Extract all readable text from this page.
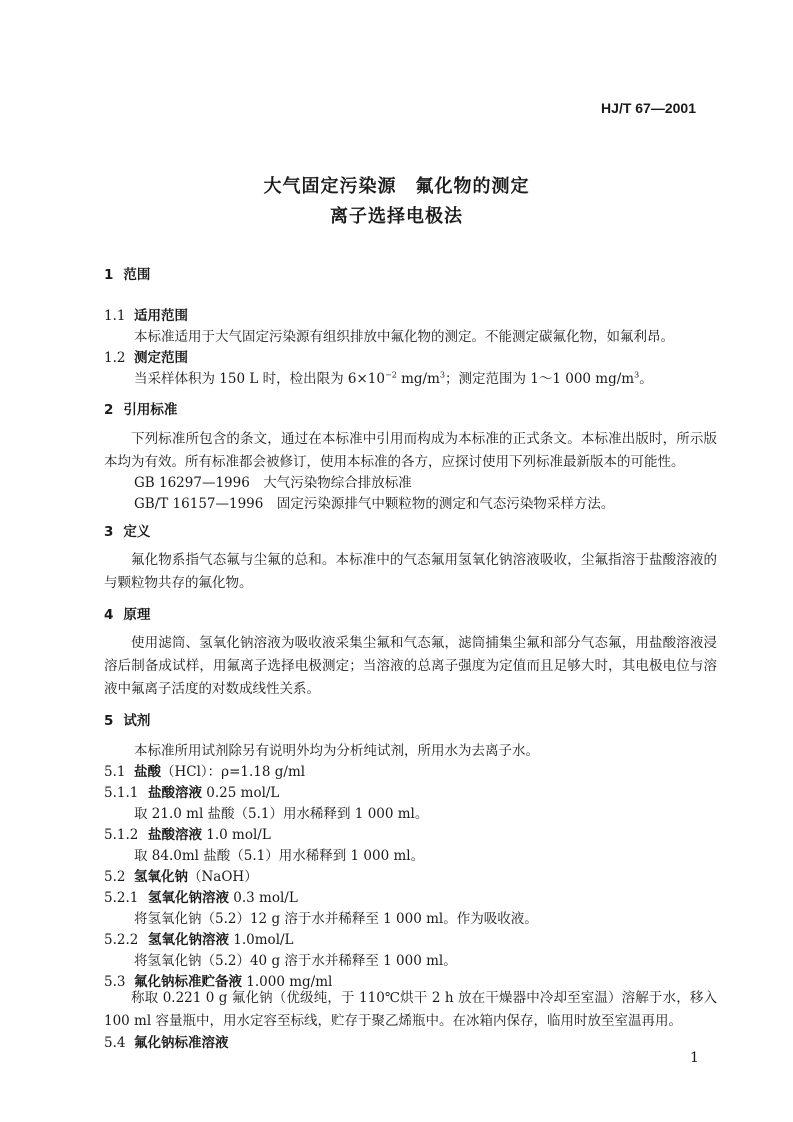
HJ/T 67—2001
大气固定污染源　氟化物的测定
离子选择电极法
1 范围
1.1 适用范围
本标准适用于大气固定污染源有组织排放中氟化物的测定。不能测定碳氟化物，如氟利昂。
1.2 测定范围
当采样体积为 150 L 时，检出限为 $6\times 10^{-2}$ $mg/m^3$；测定范围为 1～1 000 $mg/m^3$。
2 引用标准
下列标准所包含的条文，通过在本标准中引用而构成为本标准的正式条文。本标准出版时，所示版本均为有效。所有标准都会被修订，使用本标准的各方，应探讨使用下列标准最新版本的可能性。
GB 16297—1996　大气污染物综合排放标准
GB/T 16157—1996　固定污染源排气中颗粒物的测定和气态污染物采样方法。
3 定义
氟化物系指气态氟与尘氟的总和。本标准中的气态氟用氢氧化钠溶液吸收，尘氟指溶于盐酸溶液的与颗粒物共存的氟化物。
4 原理
使用滤筒、氢氧化钠溶液为吸收液采集尘氟和气态氟，滤筒捕集尘氟和部分气态氟，用盐酸溶液浸溶后制备成试样，用氟离子选择电极测定；当溶液的总离子强度为定值而且足够大时，其电极电位与溶液中氟离子活度的对数成线性关系。
5 试剂
本标准所用试剂除另有说明外均为分析纯试剂，所用水为去离子水。
5.1 盐酸（HCl）：ρ=1.18 g/ml
5.1.1 盐酸溶液 0.25 mol/L
取 21.0 ml 盐酸（5.1）用水稀释到 1 000 ml。
5.1.2 盐酸溶液 1.0 mol/L
取 84.0ml 盐酸（5.1）用水稀释到 1 000 ml。
5.2 氢氧化钠（NaOH）
5.2.1 氢氧化钠溶液 0.3 mol/L
将氢氧化钠（5.2）12 g 溶于水并稀释至 1 000 ml。作为吸收液。
5.2.2 氢氧化钠溶液 1.0mol/L
将氢氧化钠（5.2）40 g 溶于水并稀释至 1 000 ml。
5.3 氟化钠标准贮备液 1.000 mg/ml
称取 0.221 0 g 氟化钠（优级纯，于 110℃烘干 2 h 放在干燥器中冷却至室温）溶解于水，移入 100 ml 容量瓶中，用水定容至标线，贮存于聚乙烯瓶中。在冰箱内保存，临用时放至室温再用。
5.4 氟化钠标准溶液
1
